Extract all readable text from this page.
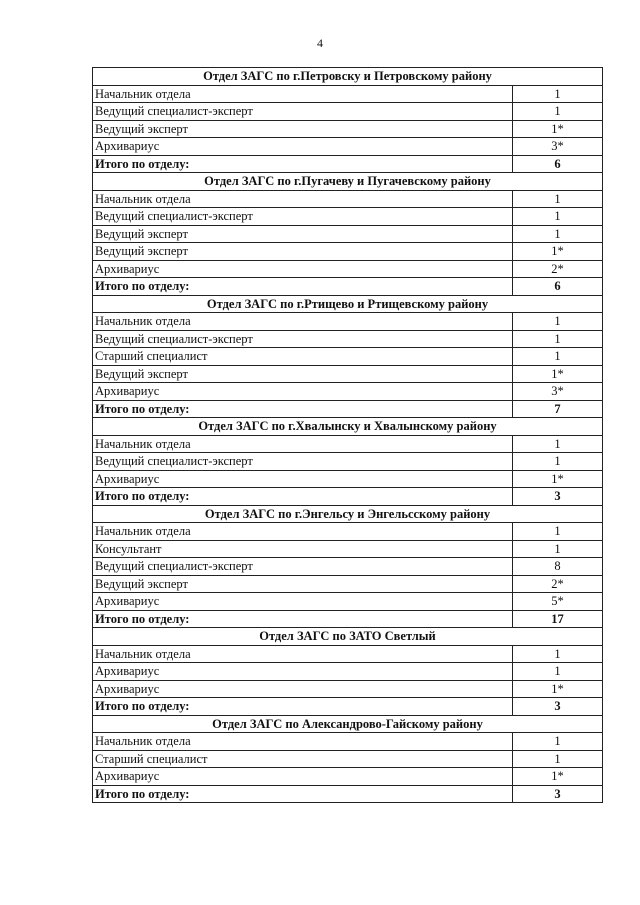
4
Отдел ЗАГС по г.Петровску и Петровскому району	
Начальник отдела	1
Ведущий специалист-эксперт	1
Ведущий эксперт	1*
Архивариус	3*
Итого по отделу:	6
Отдел ЗАГС по г.Пугачеву и Пугачевскому району	
Начальник отдела	1
Ведущий специалист-эксперт	1
Ведущий эксперт	1
Ведущий эксперт	1*
Архивариус	2*
Итого по отделу:	6
Отдел ЗАГС по г.Ртищево и Ртищевскому району	
Начальник отдела	1
Ведущий специалист-эксперт	1
Старший специалист	1
Ведущий эксперт	1*
Архивариус	3*
Итого по отделу:	7
Отдел ЗАГС по г.Хвалынску и Хвалынскому району	
Начальник отдела	1
Ведущий специалист-эксперт	1
Архивариус	1*
Итого по отделу:	3
Отдел ЗАГС по г.Энгельсу и Энгельсскому району	
Начальник отдела	1
Консультант	1
Ведущий специалист-эксперт	8
Ведущий эксперт	2*
Архивариус	5*
Итого по отделу:	17
Отдел ЗАГС по ЗАТО Светлый	
Начальник отдела	1
Архивариус	1
Архивариус	1*
Итого по отделу:	3
Отдел ЗАГС по Александрово-Гайскому району	
Начальник отдела	1
Старший специалист	1
Архивариус	1*
Итого по отделу:	3
